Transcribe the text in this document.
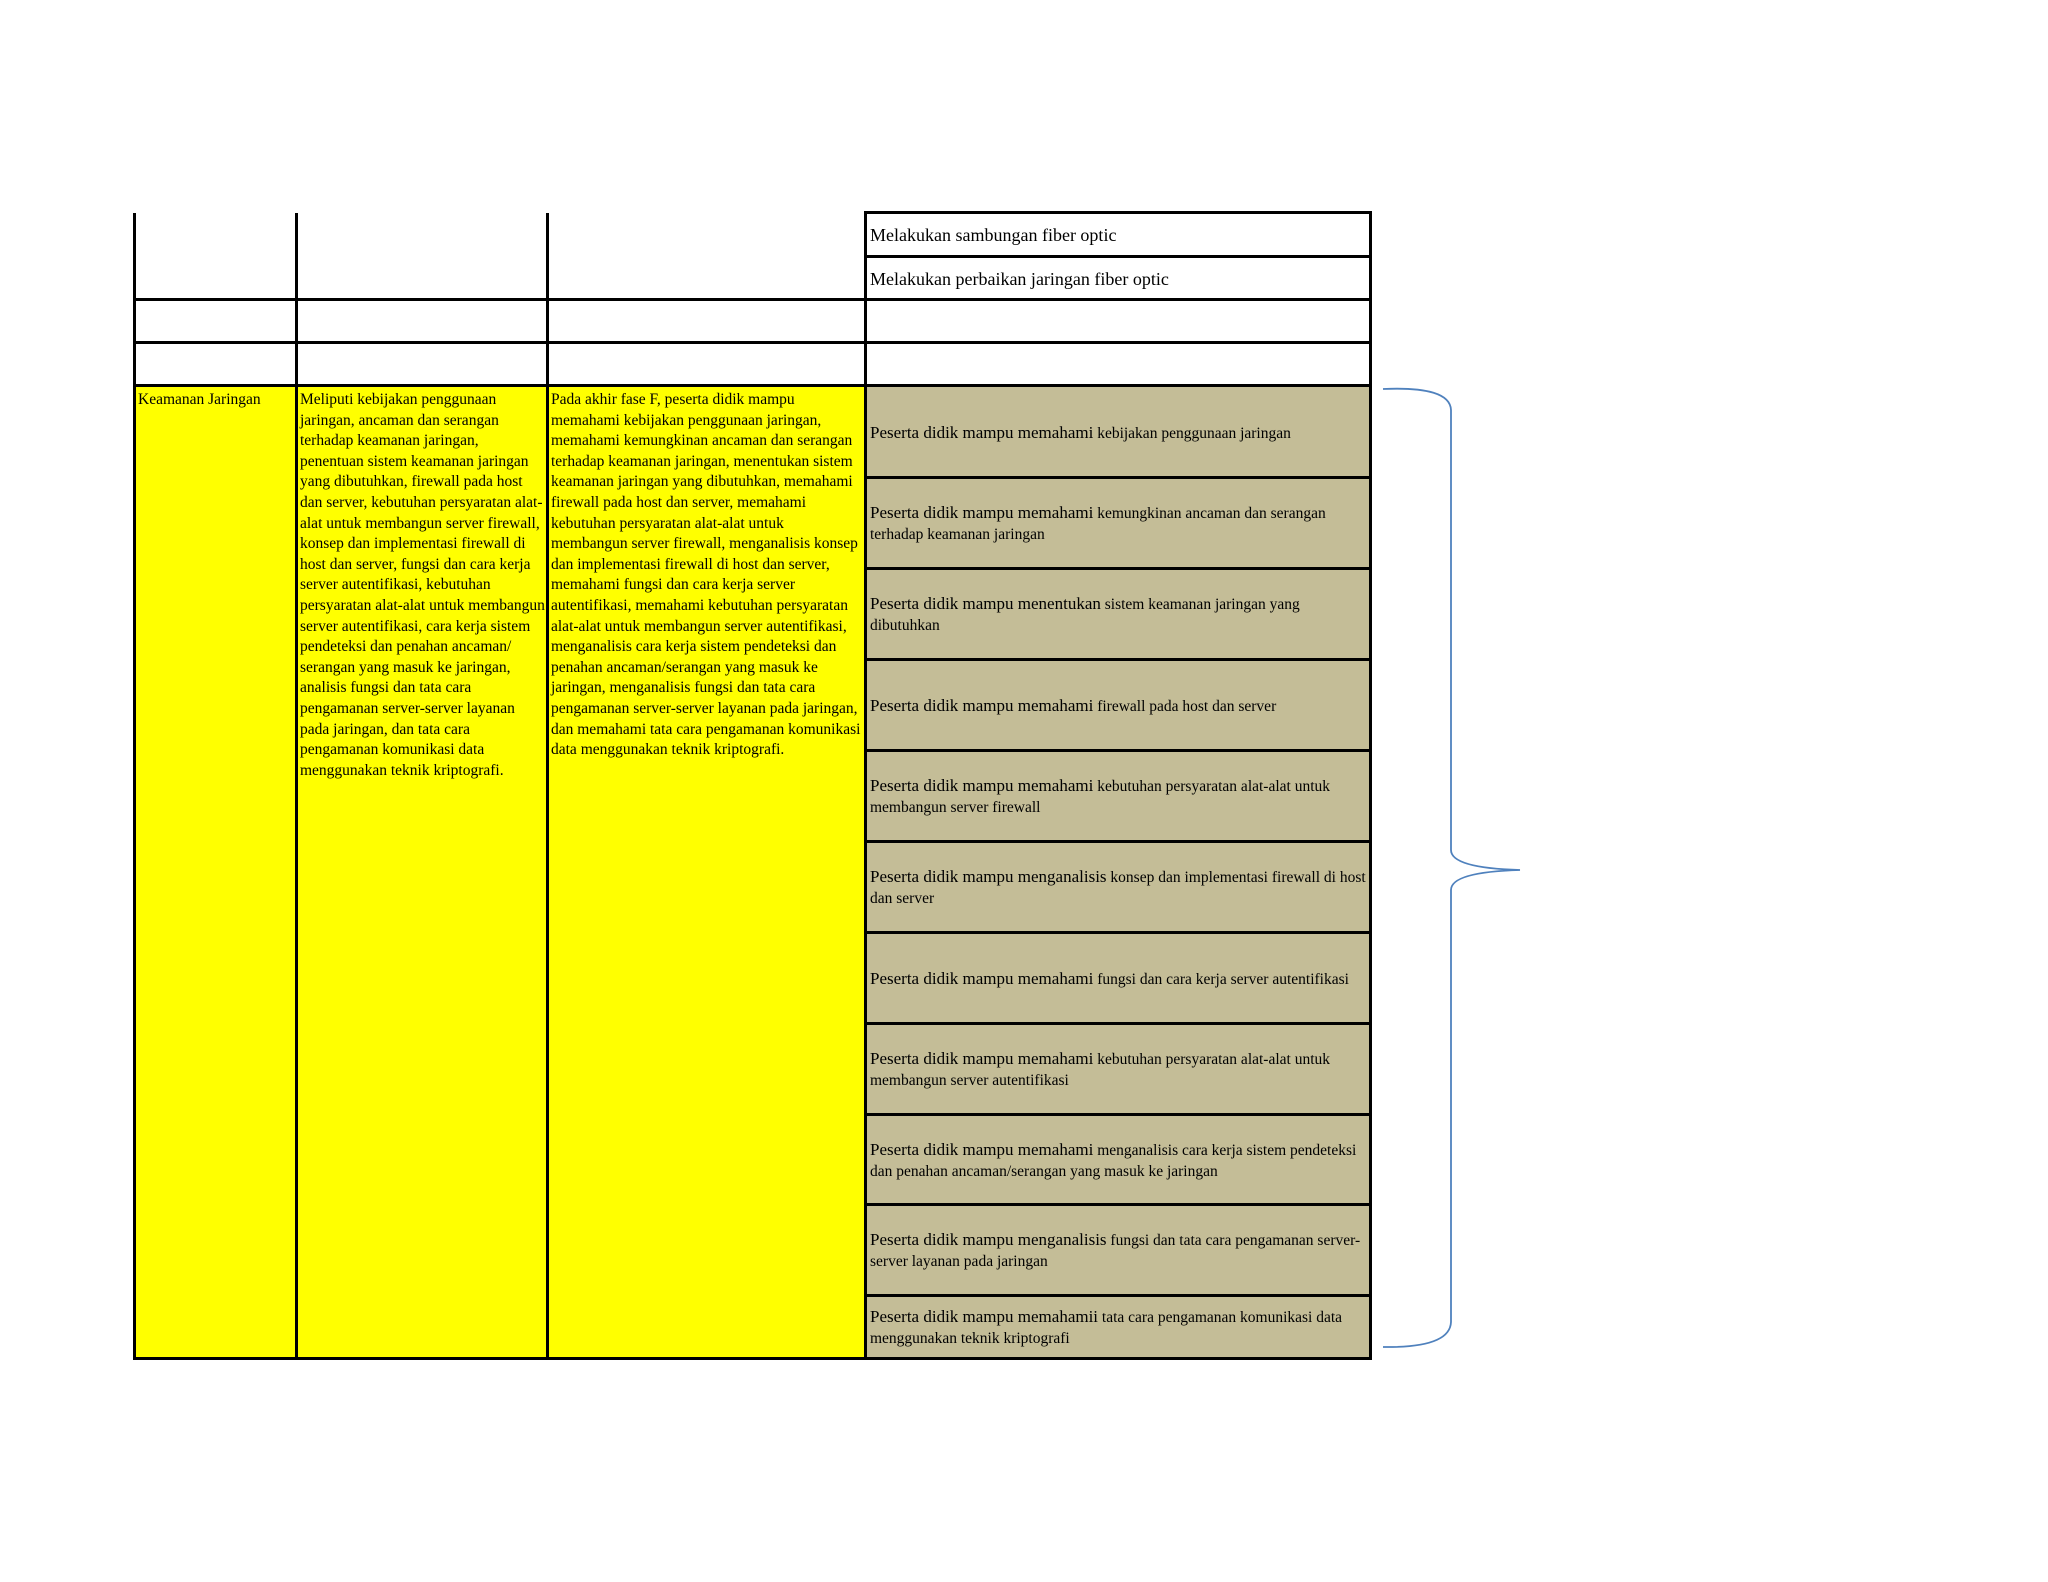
Melakukan sambungan fiber optic
Melakukan perbaikan jaringan fiber optic
Keamanan Jaringan	Meliputi kebijakan penggunaan jaringan, ancaman dan serangan terhadap keamanan jaringan, penentuan sistem keamanan jaringan yang dibutuhkan, firewall pada host dan server, kebutuhan persyaratan alat-alat untuk membangun server firewall, konsep dan implementasi firewall di host dan server, fungsi dan cara kerja server autentifikasi, kebutuhan persyaratan alat-alat untuk membangun server autentifikasi, cara kerja sistem pendeteksi dan penahan ancaman/ serangan yang masuk ke jaringan, analisis fungsi dan tata cara pengamanan server-server layanan pada jaringan, dan tata cara pengamanan komunikasi data menggunakan teknik kriptografi.
Pada akhir fase F, peserta didik mampu memahami kebijakan penggunaan jaringan, memahami kemungkinan ancaman dan serangan terhadap keamanan jaringan, menentukan sistem keamanan jaringan yang dibutuhkan, memahami firewall pada host dan server, memahami kebutuhan persyaratan alat-alat untuk membangun server firewall, menganalisis konsep dan implementasi firewall di host dan server, memahami fungsi dan cara kerja server autentifikasi, memahami kebutuhan persyaratan alat-alat untuk membangun server autentifikasi, menganalisis cara kerja sistem pendeteksi dan penahan ancaman/serangan yang masuk ke jaringan, menganalisis fungsi dan tata cara pengamanan server-server layanan pada jaringan, dan memahami tata cara pengamanan komunikasi data menggunakan teknik kriptografi.
Peserta didik mampu memahami kebijakan penggunaan jaringan
Peserta didik mampu memahami kemungkinan ancaman dan serangan terhadap keamanan jaringan
Peserta didik mampu menentukan sistem keamanan jaringan yang dibutuhkan
Peserta didik mampu memahami firewall pada host dan server
Peserta didik mampu memahami kebutuhan persyaratan alat-alat untuk membangun server firewall
Peserta didik mampu menganalisis konsep dan implementasi firewall di host dan server
Peserta didik mampu memahami fungsi dan cara kerja server autentifikasi
Peserta didik mampu memahami kebutuhan persyaratan alat-alat untuk membangun server autentifikasi
Peserta didik mampu memahami menganalisis cara kerja sistem pendeteksi dan penahan ancaman/serangan yang masuk ke jaringan
Peserta didik mampu menganalisis fungsi dan tata cara pengamanan server-server layanan pada jaringan
Peserta didik mampu memahamii tata cara pengamanan komunikasi data menggunakan teknik kriptografi
